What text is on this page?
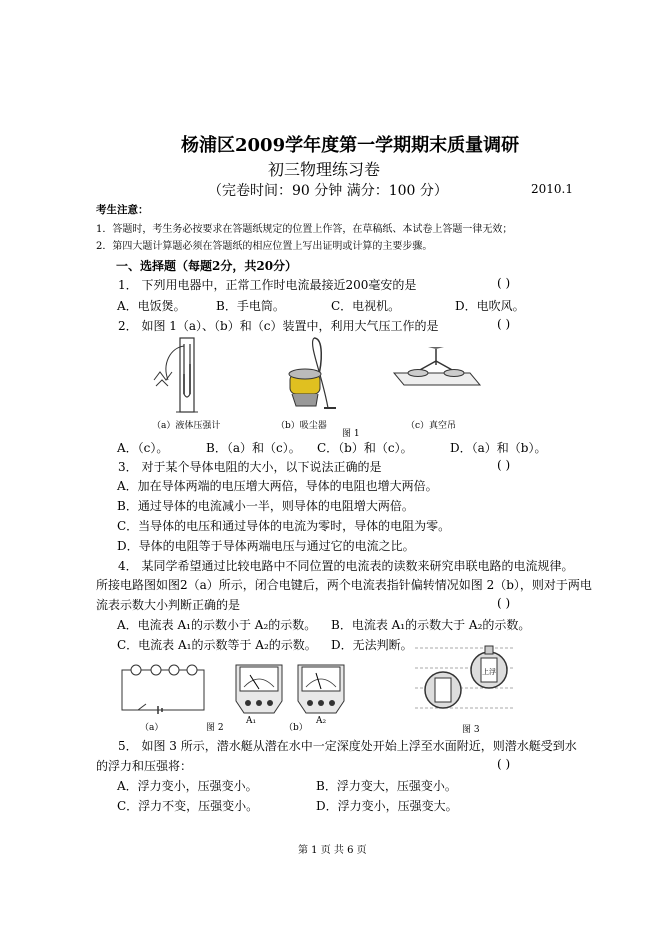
杨浦区2009学年度第一学期期末质量调研
初三物理练习卷
（完卷时间：90 分钟 满分：100 分）	2010.1
考生注意：
1．答题时，考生务必按要求在答题纸规定的位置上作答，在草稿纸、本试卷上答题一律无效；
2．第四大题计算题必须在答题纸的相应位置上写出证明或计算的主要步骤。
一、选择题（每题2分，共20分）
1． 下列用电器中，正常工作时电流最接近200毫安的是	( )
A．电饭煲。	B．手电筒。	C．电视机。	D．电吹风。
2． 如图 1（a）、（b）和（c）装置中，利用大气压工作的是	( )
（a）液体压强计	（b）吸尘器	（c）真空吊
图 1
A．（c）。	B．（a）和（c）。 C．（b）和（c）。	D．（a）和（b）。
3． 对于某个导体电阻的大小，以下说法正确的是	( )
A．加在导体两端的电压增大两倍，导体的电阻也增大两倍。
B．通过导体的电流减小一半，则导体的电阻增大两倍。
C．当导体的电压和通过导体的电流为零时，导体的电阻为零。
D．导体的电阻等于导体两端电压与通过它的电流之比。
4． 某同学希望通过比较电路中不同位置的电流表的读数来研究串联电路的电流规律。
所接电路图如图2（a）所示，闭合电键后，两个电流表指针偏转情况如图 2（b），则对于两电
流表示数大小判断正确的是	( )
A．电流表 A₁的示数小于 A₂的示数。 B．电流表 A₁的示数大于 A₂的示数。
C．电流表 A₁的示数等于 A₂的示数。 D．无法判断。
（a）	图 2	（b）
A₁	A₂
上浮
图 3
5． 如图 3 所示，潜水艇从潜在水中一定深度处开始上浮至水面附近，则潜水艇受到水
的浮力和压强将：	( )
A．浮力变小，压强变小。	B．浮力变大，压强变小。
C．浮力不变，压强变小。	D．浮力变小，压强变大。
第 1 页 共 6 页
